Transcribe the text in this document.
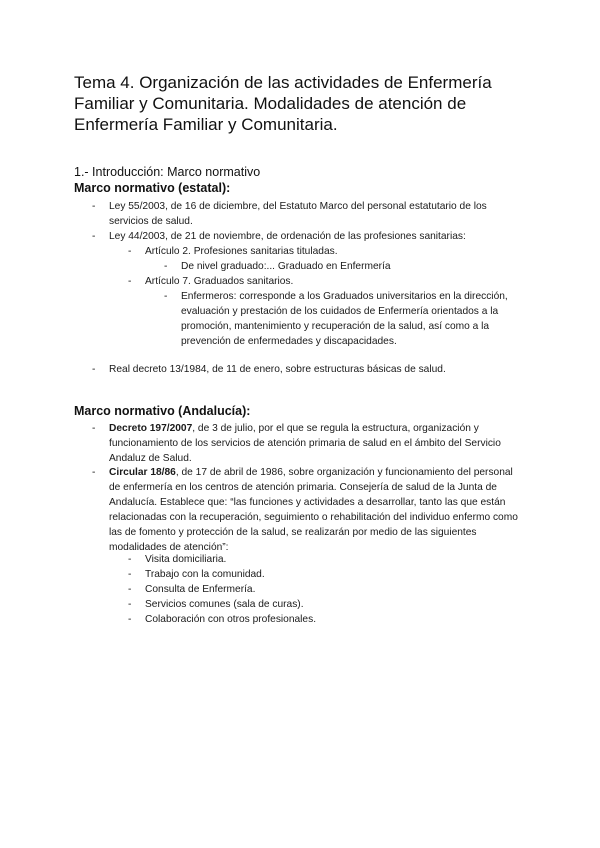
Tema 4. Organización de las actividades de Enfermería Familiar y Comunitaria. Modalidades de atención de Enfermería Familiar y Comunitaria.
1.- Introducción: Marco normativo
Marco normativo (estatal):
- Ley 55/2003, de 16 de diciembre, del Estatuto Marco del personal estatutario de los servicios de salud.
- Ley 44/2003, de 21 de noviembre, de ordenación de las profesiones sanitarias:
- Artículo 2. Profesiones sanitarias tituladas.
- De nivel graduado:... Graduado en Enfermería
- Artículo 7. Graduados sanitarios.
- Enfermeros: corresponde a los Graduados universitarios en la dirección, evaluación y prestación de los cuidados de Enfermería orientados a la promoción, mantenimiento y recuperación de la salud, así como a la prevención de enfermedades y discapacidades.
- Real decreto 13/1984, de 11 de enero, sobre estructuras básicas de salud.
Marco normativo (Andalucía):
- Decreto 197/2007, de 3 de julio, por el que se regula la estructura, organización y funcionamiento de los servicios de atención primaria de salud en el ámbito del Servicio Andaluz de Salud.
- Circular 18/86, de 17 de abril de 1986, sobre organización y funcionamiento del personal de enfermería en los centros de atención primaria. Consejería de salud de la Junta de Andalucía. Establece que: “las funciones y actividades a desarrollar, tanto las que están relacionadas con la recuperación, seguimiento o rehabilitación del individuo enfermo como las de fomento y protección de la salud, se realizarán por medio de las siguientes modalidades de atención”:
- Visita domiciliaria.
- Trabajo con la comunidad.
- Consulta de Enfermería.
- Servicios comunes (sala de curas).
- Colaboración con otros profesionales.
